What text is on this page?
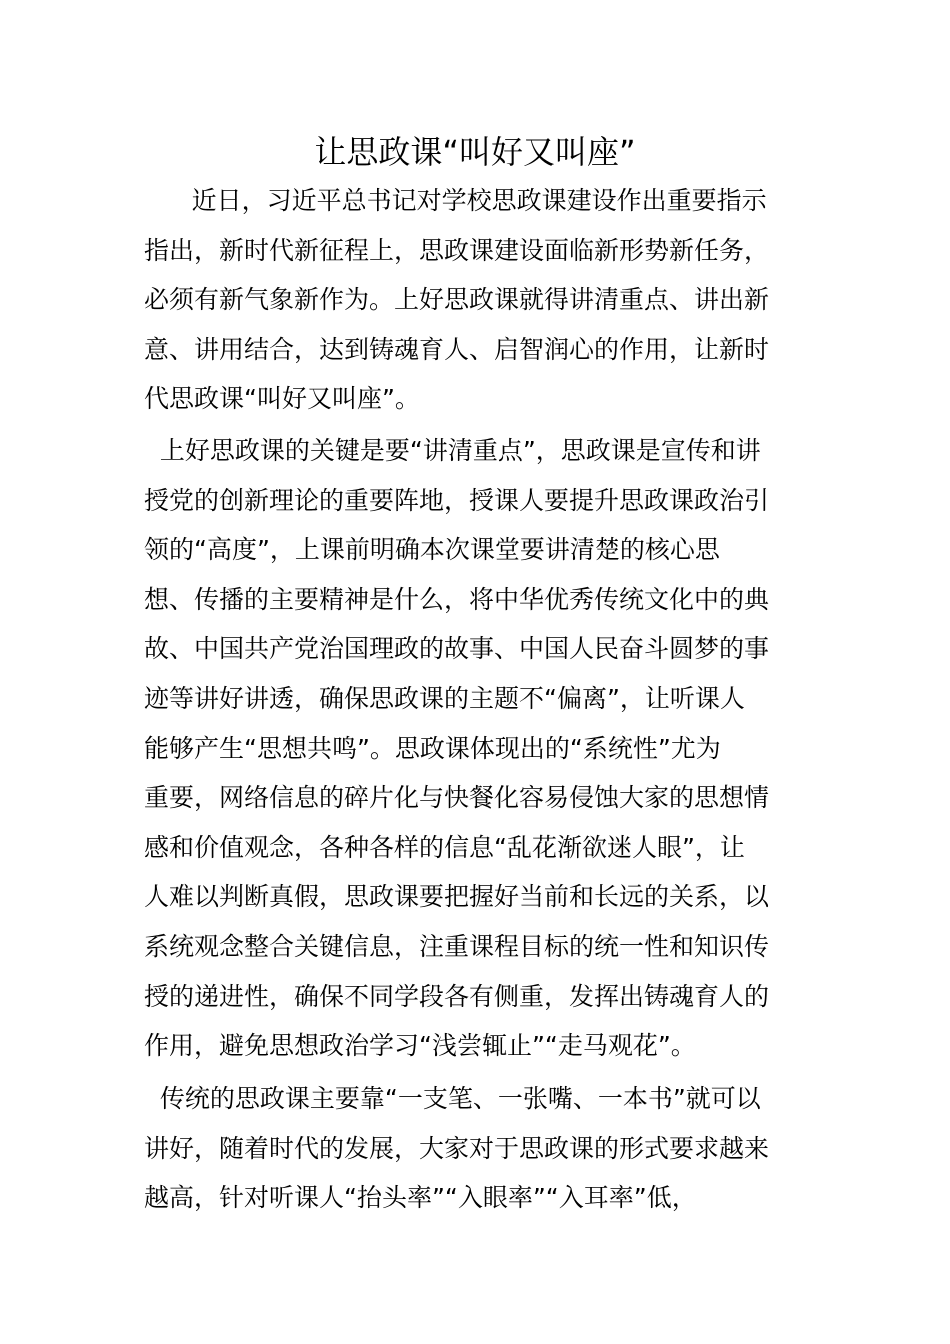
让思政课“叫好又叫座”

近日，习近平总书记对学校思政课建设作出重要指示
指出，新时代新征程上，思政课建设面临新形势新任务，
必须有新气象新作为。上好思政课就得讲清重点、讲出新
意、讲用结合，达到铸魂育人、启智润心的作用，让新时
代思政课“叫好又叫座”。

上好思政课的关键是要“讲清重点”，思政课是宣传和讲
授党的创新理论的重要阵地，授课人要提升思政课政治引
领的“高度”，上课前明确本次课堂要讲清楚的核心思
想、传播的主要精神是什么，将中华优秀传统文化中的典
故、中国共产党治国理政的故事、中国人民奋斗圆梦的事
迹等讲好讲透，确保思政课的主题不“偏离”，让听课人
能够产生“思想共鸣”。思政课体现出的“系统性”尤为
重要，网络信息的碎片化与快餐化容易侵蚀大家的思想情
感和价值观念，各种各样的信息“乱花渐欲迷人眼”，让
人难以判断真假，思政课要把握好当前和长远的关系，以
系统观念整合关键信息，注重课程目标的统一性和知识传
授的递进性，确保不同学段各有侧重，发挥出铸魂育人的
作用，避免思想政治学习“浅尝辄止”“走马观花”。

传统的思政课主要靠“一支笔、一张嘴、一本书”就可以
讲好，随着时代的发展，大家对于思政课的形式要求越来
越高，针对听课人“抬头率”“入眼率”“入耳率”低，
